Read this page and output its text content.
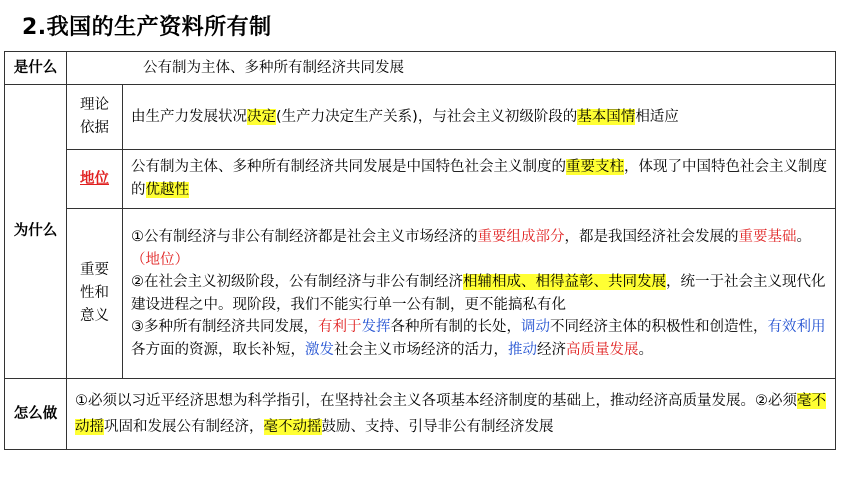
2.我国的生产资料所有制
是什么	公有制为主体、多种所有制经济共同发展	
为什么	理论依据	由生产力发展状况决定(生产力决定生产关系)，与社会主义初级阶段的基本国情相适应
	地位	公有制为主体、多种所有制经济共同发展是中国特色社会主义制度的重要支柱，体现了中国特色社会主义制度的优越性
	重要性和意义	①公有制经济与非公有制经济都是社会主义市场经济的重要组成部分，都是我国经济社会发展的重要基础。（地位）
②在社会主义初级阶段，公有制经济与非公有制经济相辅相成、相得益彰、共同发展，统一于社会主义现代化建设进程之中。现阶段，我们不能实行单一公有制，更不能搞私有化
③多种所有制经济共同发展，有利于发挥各种所有制的长处，调动不同经济主体的积极性和创造性，有效利用各方面的资源，取长补短，激发社会主义市场经济的活力，推动经济高质量发展。

怎么做	①必须以习近平经济思想为科学指引，在坚持社会主义各项基本经济制度的基础上，推动经济高质量发展。②必须毫不动摇巩固和发展公有制经济，毫不动摇鼓励、支持、引导非公有制经济发展	
